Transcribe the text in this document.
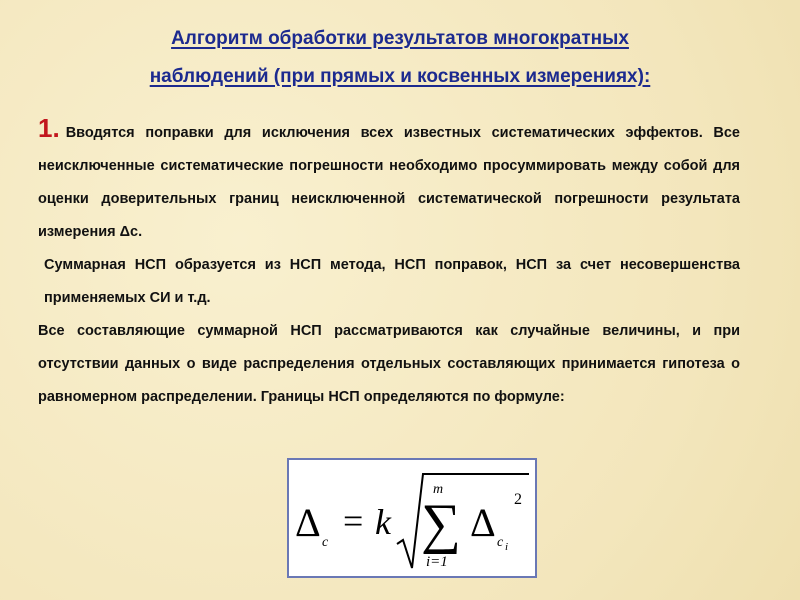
Алгоритм обработки результатов многократных
наблюдений (при прямых и косвенных измерениях):

1. Вводятся поправки для исключения всех известных систематических эффектов. Все неисключенные систематические погрешности необходимо просуммировать между собой для оценки доверительных границ неисключенной систематической погрешности результата измерения Δс.

Суммарная НСП образуется из НСП метода, НСП поправок, НСП за счет несовершенства применяемых СИ и т.д.

Все составляющие суммарной НСП рассматриваются как случайные величины, и при отсутствии данных о виде распределения отдельных составляющих принимается гипотеза о равномерном распределении. Границы НСП определяются по формуле:

Δ c
= k
m
∑
i=1
Δ c i
2
